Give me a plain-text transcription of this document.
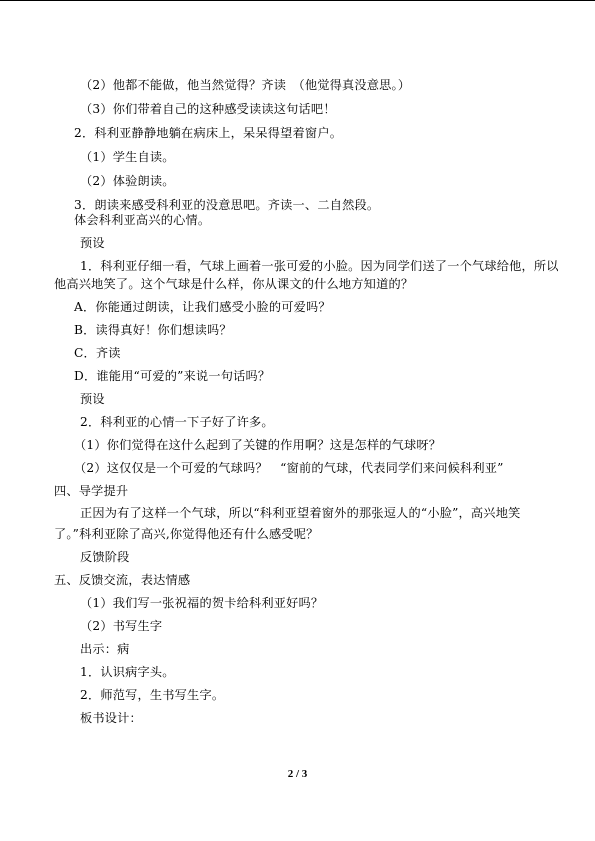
（2）他都不能做，他当然觉得？齐读　（他觉得真没意思。）
（3）你们带着自己的这种感受读读这句话吧！
2．科利亚静静地躺在病床上，呆呆得望着窗户。
（1）学生自读。
（2）体验朗读。
3．朗读来感受科利亚的没意思吧。齐读一、二自然段。
体会科利亚高兴的心情。
预设
1．科利亚仔细一看，气球上画着一张可爱的小脸。因为同学们送了一个气球给他，所以
他高兴地笑了。这个气球是什么样，你从课文的什么地方知道的？
A．你能通过朗读，让我们感受小脸的可爱吗？
B．读得真好！你们想读吗？
C．齐读
D．谁能用“可爱的”来说一句话吗？
预设
2．科利亚的心情一下子好了许多。
（1）你们觉得在这什么起到了关键的作用啊？这是怎样的气球呀？
（2）这仅仅是一个可爱的气球吗？　“窗前的气球，代表同学们来问候科利亚”
四、导学提升
正因为有了这样一个气球，所以“科利亚望着窗外的那张逗人的“小脸”，高兴地笑
了。”科利亚除了高兴,你觉得他还有什么感受呢？
反馈阶段
五、反馈交流，表达情感
（1）我们写一张祝福的贺卡给科利亚好吗？
（2）书写生字
出示：病
1．认识病字头。
2．师范写，生书写生字。
板书设计：
2 / 3
